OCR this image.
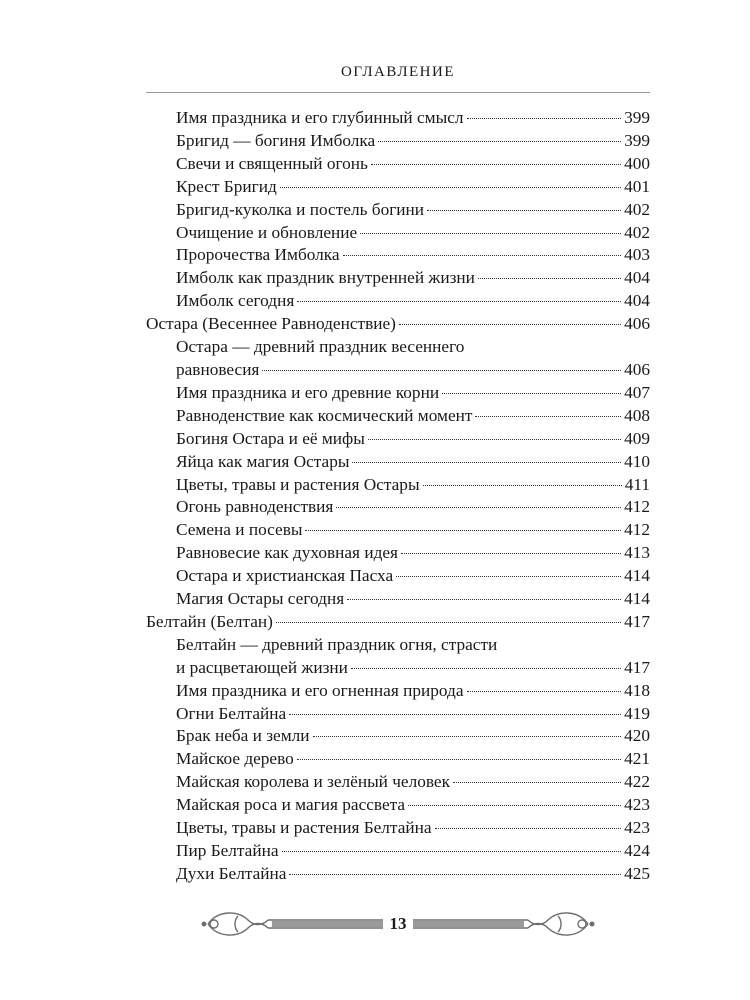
ОГЛАВЛЕНИЕ
Имя праздника и его глубинный смысл	399
Бригид — богиня Имболка	399
Свечи и священный огонь	400
Крест Бригид	401
Бригид-куколка и постель богини	402
Очищение и обновление	402
Пророчества Имболка	403
Имболк как праздник внутренней жизни	404
Имболк сегодня	404
Остара (Весеннее Равноденствие)	406
Остара — древний праздник весеннего
равновесия	406
Имя праздника и его древние корни	407
Равноденствие как космический момент	408
Богиня Остара и её мифы	409
Яйца как магия Остары	410
Цветы, травы и растения Остары	411
Огонь равноденствия	412
Семена и посевы	412
Равновесие как духовная идея	413
Остара и христианская Пасха	414
Магия Остары сегодня	414
Белтайн (Белтан)	417
Белтайн — древний праздник огня, страсти
и расцветающей жизни	417
Имя праздника и его огненная природа	418
Огни Белтайна	419
Брак неба и земли	420
Майское дерево	421
Майская королева и зелёный человек	422
Майская роса и магия рассвета	423
Цветы, травы и растения Белтайна	423
Пир Белтайна	424
Духи Белтайна	425
13
